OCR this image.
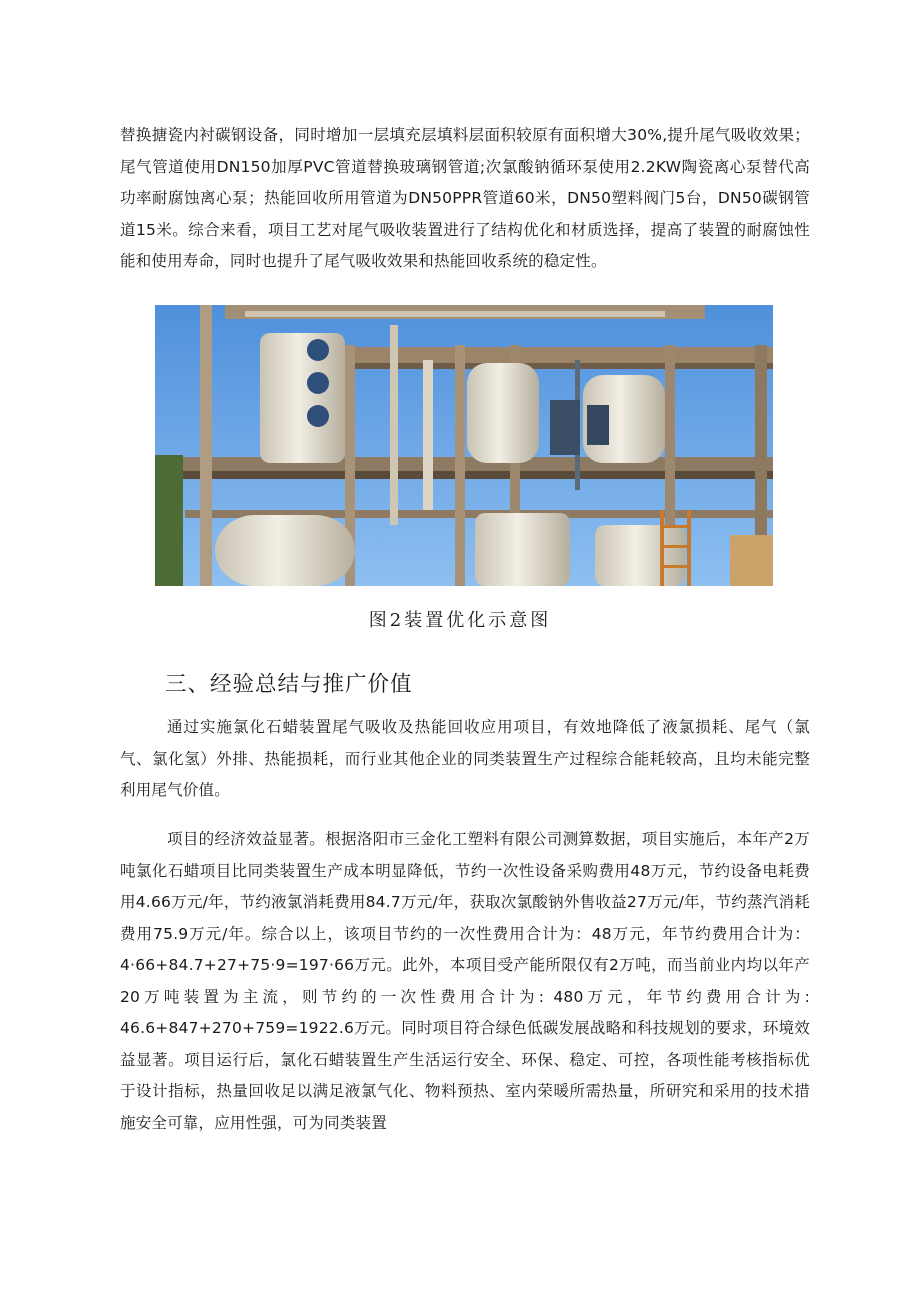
替换搪瓷内衬碳钢设备，同时增加一层填充层填料层面积较原有面积增大30%,提升尾气吸收效果；尾气管道使用DN150加厚PVC管道替换玻璃钢管道;次氯酸钠循环泵使用2.2KW陶瓷离心泵替代高功率耐腐蚀离心泵；热能回收所用管道为DN50PPR管道60米，DN50塑料阀门5台，DN50碳钢管道15米。综合来看，项目工艺对尾气吸收装置进行了结构优化和材质选择，提高了装置的耐腐蚀性能和使用寿命，同时也提升了尾气吸收效果和热能回收系统的稳定性。

图2装置优化示意图
三、经验总结与推广价值

通过实施氯化石蜡装置尾气吸收及热能回收应用项目，有效地降低了液氯损耗、尾气（氯气、氯化氢）外排、热能损耗，而行业其他企业的同类装置生产过程综合能耗较高，且均未能完整利用尾气价值。

项目的经济效益显著。根据洛阳市三金化工塑料有限公司测算数据，项目实施后，本年产2万吨氯化石蜡项目比同类装置生产成本明显降低，节约一次性设备采购费用48万元，节约设备电耗费用4.66万元/年，节约液氯消耗费用84.7万元/年，获取次氯酸钠外售收益27万元/年，节约蒸汽消耗费用75.9万元/年。综合以上，该项目节约的一次性费用合计为：48万元，年节约费用合计为：4·66+84.7+27+75·9=197·66万元。此外，本项目受产能所限仅有2万吨，而当前业内均以年产20万吨装置为主流，则节约的一次性费用合计为: 480万元，年节约费用合计为: 46.6+847+270+759=1922.6万元。同时项目符合绿色低碳发展战略和科技规划的要求，环境效益显著。项目运行后，氯化石蜡装置生产生活运行安全、环保、稳定、可控，各项性能考核指标优于设计指标，热量回收足以满足液氯气化、物料预热、室内荣暖所需热量，所研究和采用的技术措施安全可靠，应用性强，可为同类装置
